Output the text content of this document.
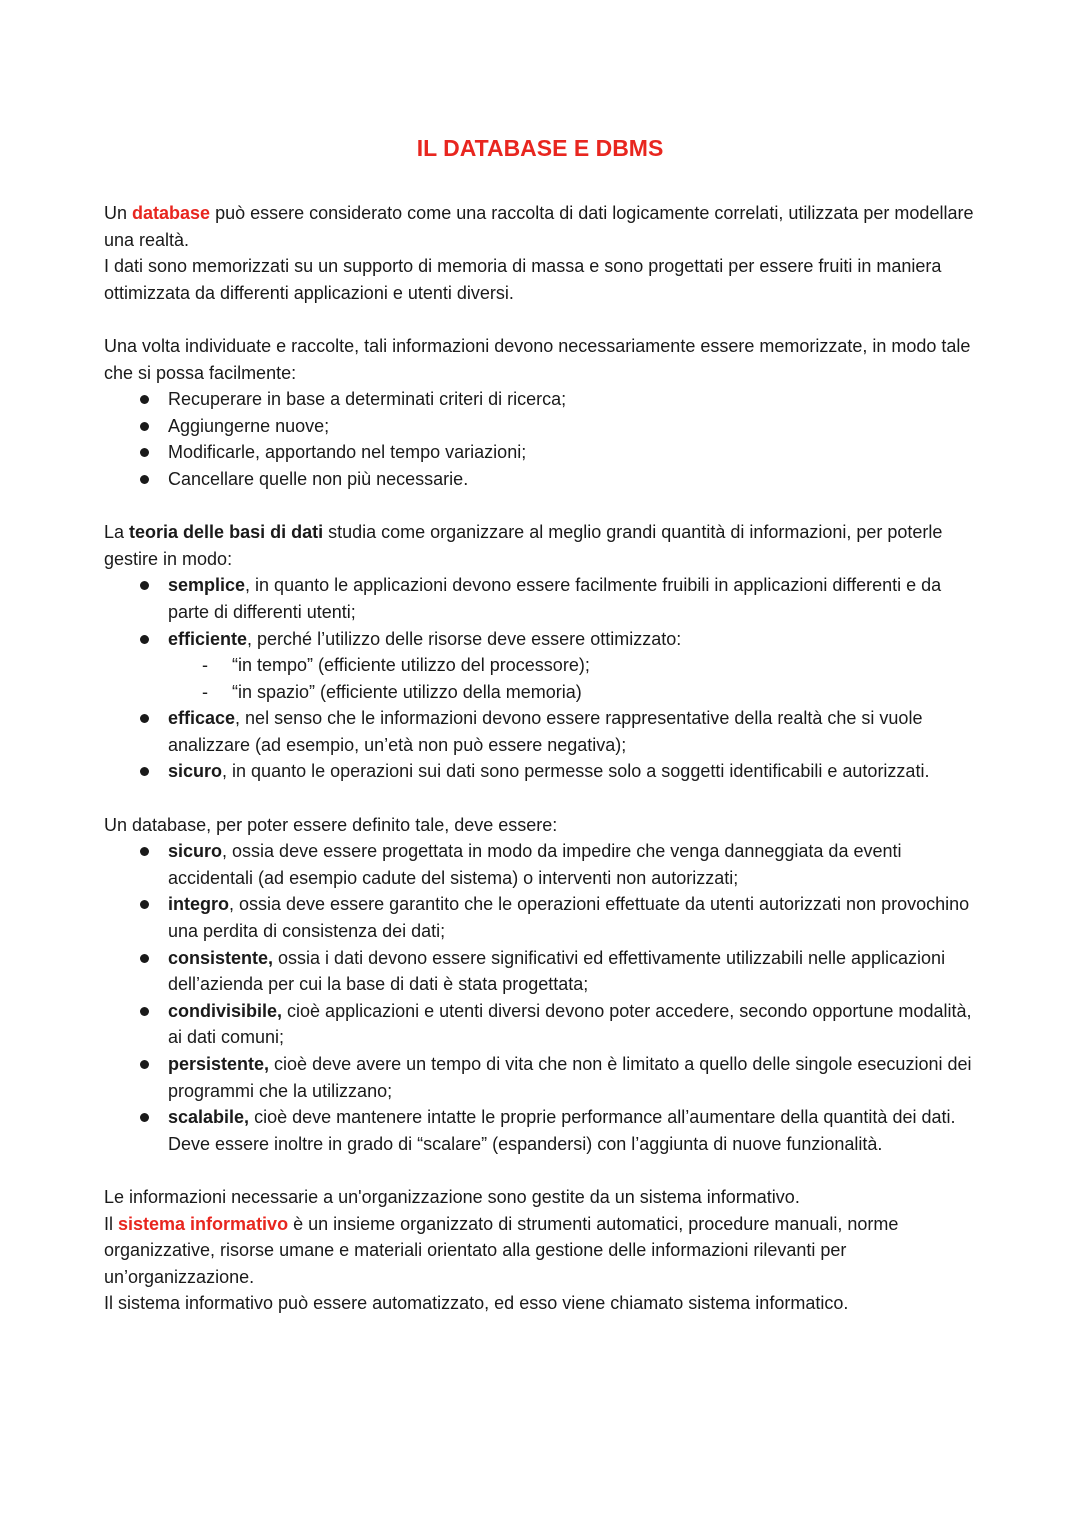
IL DATABASE E DBMS

Un database può essere considerato come una raccolta di dati logicamente correlati, utilizzata per modellare una realtà.

I dati sono memorizzati su un supporto di memoria di massa e sono progettati per essere fruiti in maniera ottimizzata da differenti applicazioni e utenti diversi.

Una volta individuate e raccolte, tali informazioni devono necessariamente essere memorizzate, in modo tale che si possa facilmente:

Recuperare in base a determinati criteri di ricerca;
Aggiungerne nuove;
Modificarle, apportando nel tempo variazioni;
Cancellare quelle non più necessarie.

La teoria delle basi di dati studia come organizzare al meglio grandi quantità di informazioni, per poterle gestire in modo:

semplice, in quanto le applicazioni devono essere facilmente fruibili in applicazioni differenti e da parte di differenti utenti;
efficiente, perché l’utilizzo delle risorse deve essere ottimizzato:
- “in tempo” (efficiente utilizzo del processore);
- “in spazio” (efficiente utilizzo della memoria)
efficace, nel senso che le informazioni devono essere rappresentative della realtà che si vuole analizzare (ad esempio, un’età non può essere negativa);
sicuro, in quanto le operazioni sui dati sono permesse solo a soggetti identificabili e autorizzati.

Un database, per poter essere definito tale, deve essere:

sicuro, ossia deve essere progettata in modo da impedire che venga danneggiata da eventi accidentali (ad esempio cadute del sistema) o interventi non autorizzati;
integro, ossia deve essere garantito che le operazioni effettuate da utenti autorizzati non provochino una perdita di consistenza dei dati;
consistente, ossia i dati devono essere significativi ed effettivamente utilizzabili nelle applicazioni dell’azienda per cui la base di dati è stata progettata;
condivisibile, cioè applicazioni e utenti diversi devono poter accedere, secondo opportune modalità, ai dati comuni;
persistente, cioè deve avere un tempo di vita che non è limitato a quello delle singole esecuzioni dei programmi che la utilizzano;
scalabile, cioè deve mantenere intatte le proprie performance all’aumentare della quantità dei dati. Deve essere inoltre in grado di “scalare” (espandersi) con l’aggiunta di nuove funzionalità.

Le informazioni necessarie a un'organizzazione sono gestite da un sistema informativo.

Il sistema informativo è un insieme organizzato di strumenti automatici, procedure manuali, norme organizzative, risorse umane e materiali orientato alla gestione delle informazioni rilevanti per un’organizzazione.

Il sistema informativo può essere automatizzato, ed esso viene chiamato sistema informatico.
